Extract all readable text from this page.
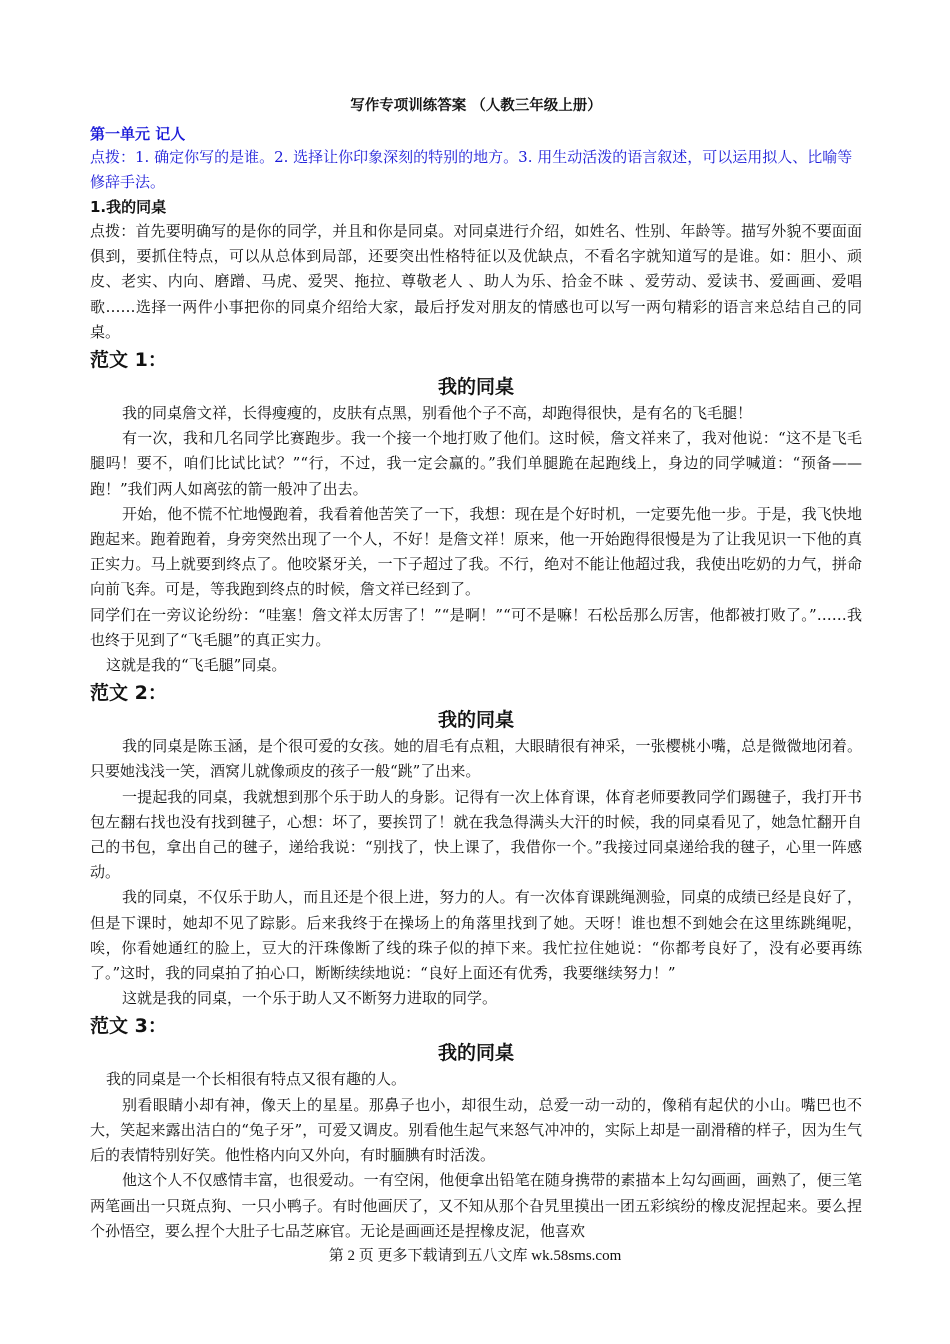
写作专项训练答案 （人教三年级上册）
第一单元 记人
点拨：1. 确定你写的是谁。2. 选择让你印象深刻的特别的地方。3. 用生动活泼的语言叙述，可以运用拟人、比喻等修辞手法。
1.我的同桌

点拨：首先要明确写的是你的同学，并且和你是同桌。对同桌进行介绍，如姓名、性别、年龄等。描写外貌不要面面俱到，要抓住特点，可以从总体到局部，还要突出性格特征以及优缺点，不看名字就知道写的是谁。如：胆小、顽皮、老实、内向、磨蹭、马虎、爱哭、拖拉、尊敬老人 、助人为乐、拾金不昧 、爱劳动、爱读书、爱画画、爱唱歌……选择一两件小事把你的同桌介绍给大家，最后抒发对朋友的情感也可以写一两句精彩的语言来总结自己的同桌。

范文 1：
我的同桌

我的同桌詹文祥，长得瘦瘦的，皮肤有点黑，别看他个子不高，却跑得很快，是有名的飞毛腿！

有一次，我和几名同学比赛跑步。我一个接一个地打败了他们。这时候，詹文祥来了，我对他说：“这不是飞毛腿吗！要不，咱们比试比试？”“行，不过，我一定会赢的。”我们单腿跪在起跑线上，身边的同学喊道：“预备——跑！”我们两人如离弦的箭一般冲了出去。

开始，他不慌不忙地慢跑着，我看着他苦笑了一下，我想：现在是个好时机，一定要先他一步。于是，我飞快地跑起来。跑着跑着，身旁突然出现了一个人，不好！是詹文祥！原来，他一开始跑得很慢是为了让我见识一下他的真正实力。马上就要到终点了。他咬紧牙关，一下子超过了我。不行，绝对不能让他超过我，我使出吃奶的力气，拼命向前飞奔。可是，等我跑到终点的时候，詹文祥已经到了。

同学们在一旁议论纷纷：“哇塞！詹文祥太厉害了！”“是啊！”“可不是嘛！石松岳那么厉害，他都被打败了。”……我也终于见到了“飞毛腿”的真正实力。

这就是我的“飞毛腿”同桌。

范文 2：
我的同桌

我的同桌是陈玉涵，是个很可爱的女孩。她的眉毛有点粗，大眼睛很有神采，一张樱桃小嘴，总是微微地闭着。只要她浅浅一笑，酒窝儿就像顽皮的孩子一般“跳”了出来。

一提起我的同桌，我就想到那个乐于助人的身影。记得有一次上体育课，体育老师要教同学们踢毽子，我打开书包左翻右找也没有找到毽子，心想：坏了，要挨罚了！就在我急得满头大汗的时候，我的同桌看见了，她急忙翻开自己的书包，拿出自己的毽子，递给我说：“别找了，快上课了，我借你一个。”我接过同桌递给我的毽子，心里一阵感动。

我的同桌，不仅乐于助人，而且还是个很上进，努力的人。有一次体育课跳绳测验，同桌的成绩已经是良好了，但是下课时，她却不见了踪影。后来我终于在操场上的角落里找到了她。天呀！谁也想不到她会在这里练跳绳呢，唉，你看她通红的脸上，豆大的汗珠像断了线的珠子似的掉下来。我忙拉住她说：“你都考良好了，没有必要再练了。”这时，我的同桌拍了拍心口，断断续续地说：“良好上面还有优秀，我要继续努力！”

这就是我的同桌，一个乐于助人又不断努力进取的同学。

范文 3：
我的同桌

我的同桌是一个长相很有特点又很有趣的人。

别看眼睛小却有神，像天上的星星。那鼻子也小，却很生动，总爱一动一动的，像稍有起伏的小山。嘴巴也不大，笑起来露出洁白的“兔子牙”，可爱又调皮。别看他生起气来怒气冲冲的，实际上却是一副滑稽的样子，因为生气后的表情特别好笑。他性格内向又外向，有时腼腆有时活泼。

他这个人不仅感情丰富，也很爱动。一有空闲，他便拿出铅笔在随身携带的素描本上勾勾画画，画熟了，便三笔两笔画出一只斑点狗、一只小鸭子。有时他画厌了，又不知从那个旮旯里摸出一团五彩缤纷的橡皮泥捏起来。要么捏个孙悟空，要么捏个大肚子七品芝麻官。无论是画画还是捏橡皮泥，他喜欢

第 2 页 更多下载请到五八文库 wk.58sms.com
